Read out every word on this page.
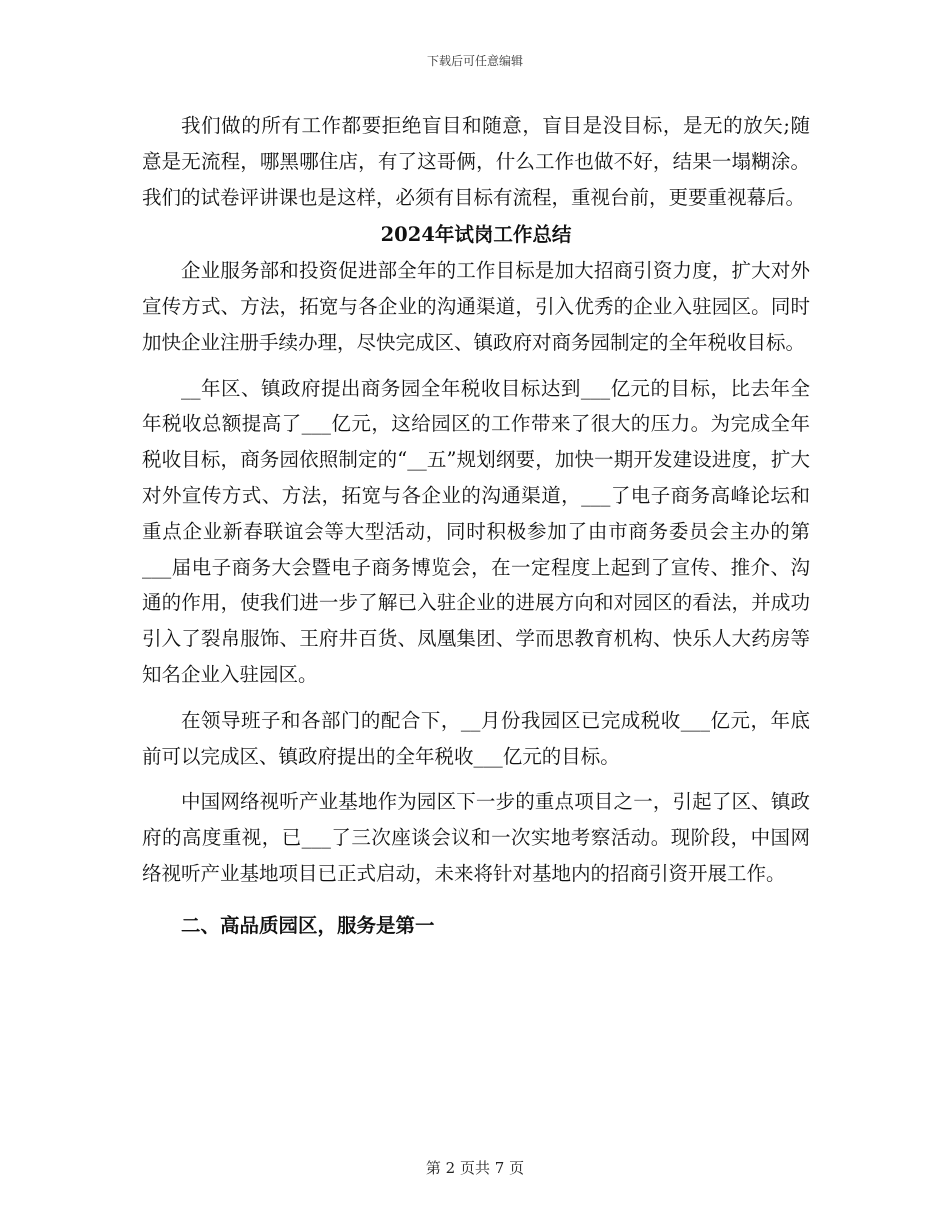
下载后可任意编辑

我们做的所有工作都要拒绝盲目和随意，盲目是没目标，是无的放矢;随意是无流程，哪黑哪住店，有了这哥俩，什么工作也做不好，结果一塌糊涂。我们的试卷评讲课也是这样，必须有目标有流程，重视台前，更要重视幕后。

2024年试岗工作总结

企业服务部和投资促进部全年的工作目标是加大招商引资力度，扩大对外宣传方式、方法，拓宽与各企业的沟通渠道，引入优秀的企业入驻园区。同时加快企业注册手续办理，尽快完成区、镇政府对商务园制定的全年税收目标。

__年区、镇政府提出商务园全年税收目标达到___亿元的目标，比去年全年税收总额提高了___亿元，这给园区的工作带来了很大的压力。为完成全年税收目标，商务园依照制定的“__五”规划纲要，加快一期开发建设进度，扩大对外宣传方式、方法，拓宽与各企业的沟通渠道，___了电子商务高峰论坛和重点企业新春联谊会等大型活动，同时积极参加了由市商务委员会主办的第___届电子商务大会暨电子商务博览会，在一定程度上起到了宣传、推介、沟通的作用，使我们进一步了解已入驻企业的进展方向和对园区的看法，并成功引入了裂帛服饰、王府井百货、凤凰集团、学而思教育机构、快乐人大药房等知名企业入驻园区。

在领导班子和各部门的配合下，__月份我园区已完成税收___亿元，年底前可以完成区、镇政府提出的全年税收___亿元的目标。

中国网络视听产业基地作为园区下一步的重点项目之一，引起了区、镇政府的高度重视，已___了三次座谈会议和一次实地考察活动。现阶段，中国网络视听产业基地项目已正式启动，未来将针对基地内的招商引资开展工作。

二、高品质园区，服务是第一

第 2 页共 7 页
